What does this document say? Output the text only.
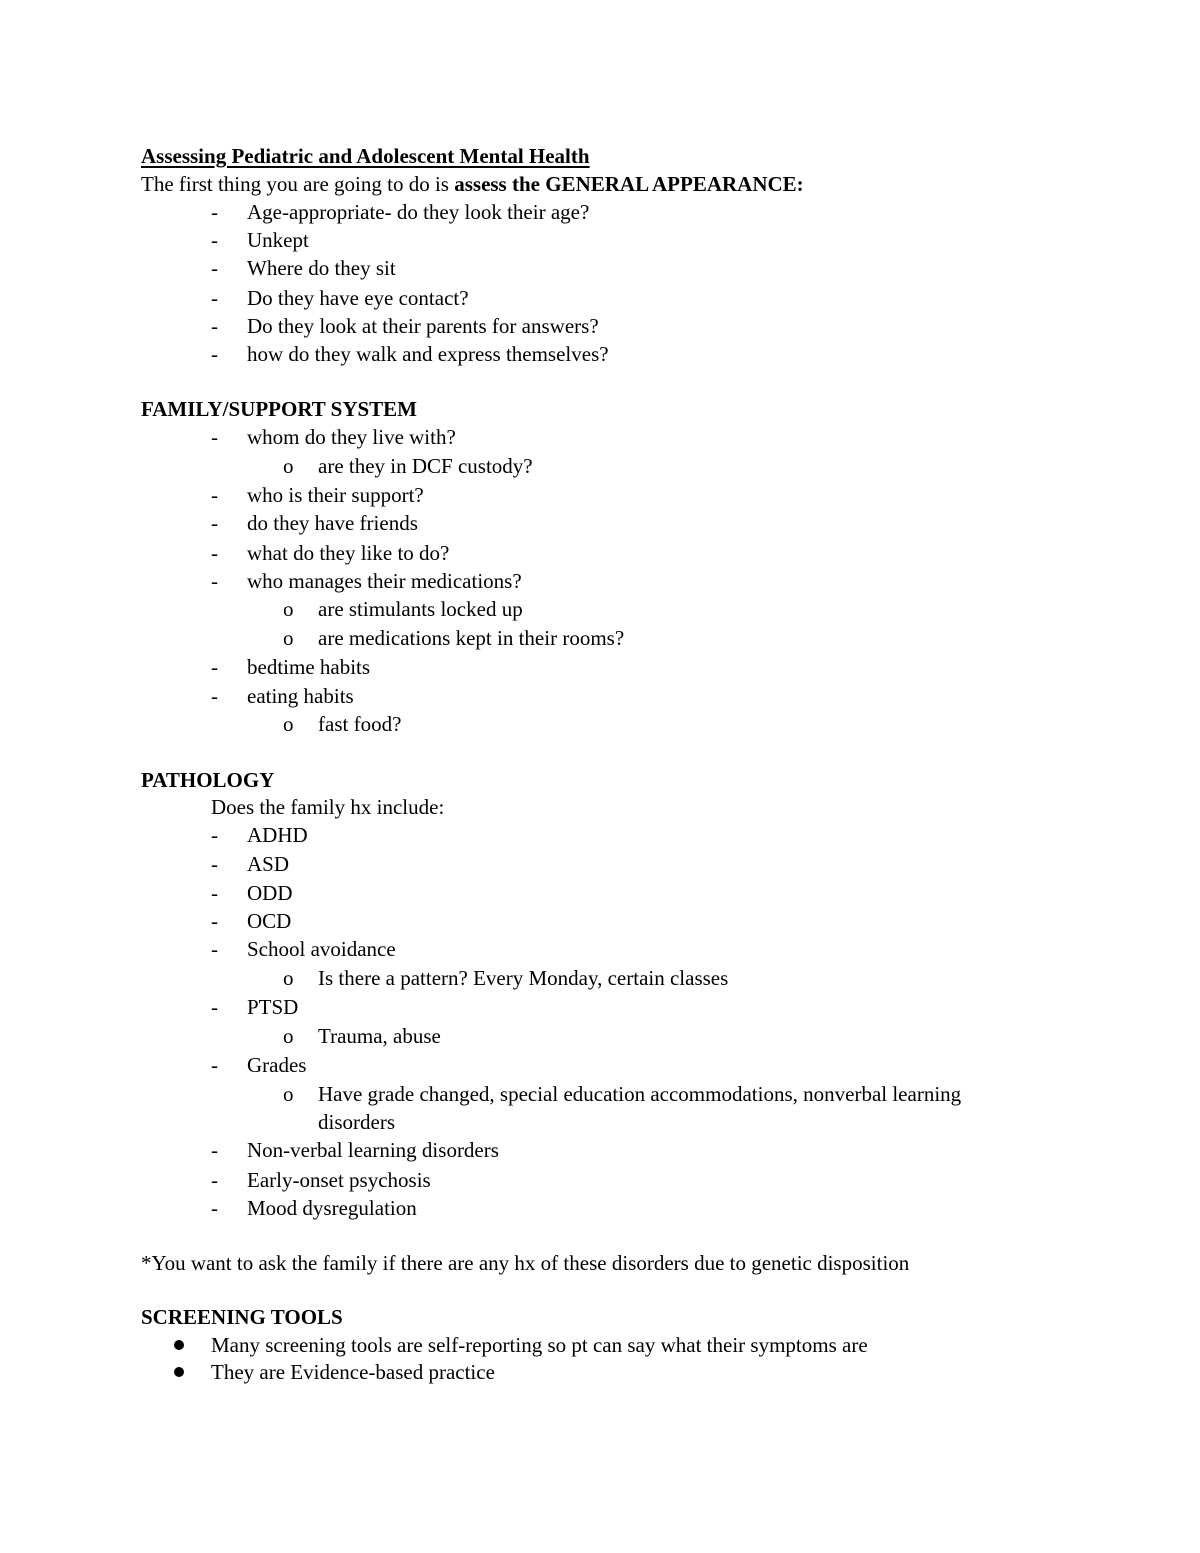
Assessing Pediatric and Adolescent Mental Health
The first thing you are going to do is assess the GENERAL APPEARANCE:
- Age-appropriate- do they look their age?
- Unkept
- Where do they sit
- Do they have eye contact?
- Do they look at their parents for answers?
- how do they walk and express themselves?
FAMILY/SUPPORT SYSTEM
- whom do they live with?
o are they in DCF custody?
- who is their support?
- do they have friends
- what do they like to do?
- who manages their medications?
o are stimulants locked up
o are medications kept in their rooms?
- bedtime habits
- eating habits
o fast food?
PATHOLOGY
Does the family hx include:
- ADHD
- ASD
- ODD
- OCD
- School avoidance
o Is there a pattern? Every Monday, certain classes
- PTSD
o Trauma, abuse
- Grades
o Have grade changed, special education accommodations, nonverbal learning
disorders
- Non-verbal learning disorders
- Early-onset psychosis
- Mood dysregulation
*You want to ask the family if there are any hx of these disorders due to genetic disposition
SCREENING TOOLS
Many screening tools are self-reporting so pt can say what their symptoms are
They are Evidence-based practice
